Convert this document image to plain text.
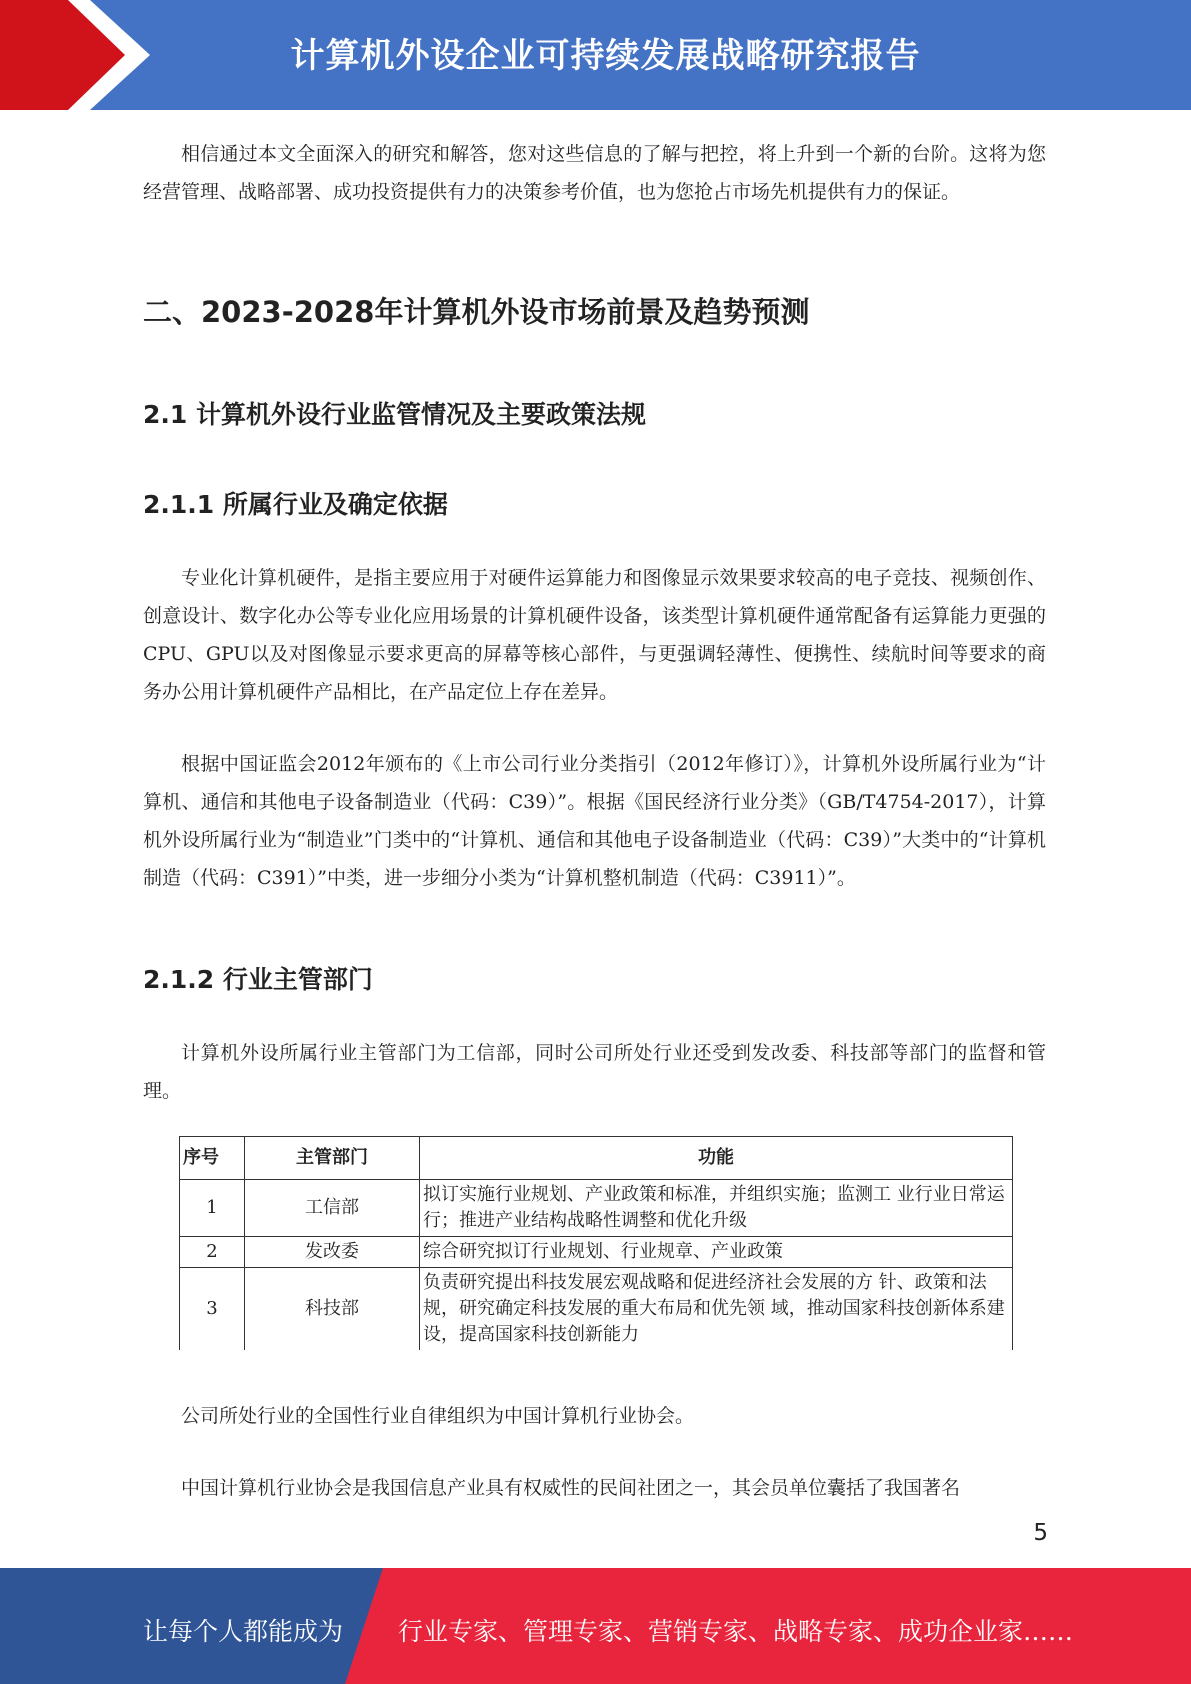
计算机外设企业可持续发展战略研究报告

相信通过本文全面深入的研究和解答，您对这些信息的了解与把控，将上升到一个新的台阶。这将为您经营管理、战略部署、成功投资提供有力的决策参考价值，也为您抢占市场先机提供有力的保证。

二、2023-2028年计算机外设市场前景及趋势预测
2.1 计算机外设行业监管情况及主要政策法规
2.1.1 所属行业及确定依据

专业化计算机硬件，是指主要应用于对硬件运算能力和图像显示效果要求较高的电子竞技、视频创作、创意设计、数字化办公等专业化应用场景的计算机硬件设备，该类型计算机硬件通常配备有运算能力更强的CPU、GPU以及对图像显示要求更高的屏幕等核心部件，与更强调轻薄性、便携性、续航时间等要求的商务办公用计算机硬件产品相比，在产品定位上存在差异。

根据中国证监会2012年颁布的《上市公司行业分类指引（2012年修订）》，计算机外设所属行业为“计算机、通信和其他电子设备制造业（代码：C39）”。根据《国民经济行业分类》（GB/T4754-2017），计算机外设所属行业为“制造业”门类中的“计算机、通信和其他电子设备制造业（代码：C39）”大类中的“计算机制造（代码：C391）”中类，进一步细分小类为“计算机整机制造（代码：C3911）”。

2.1.2 行业主管部门

计算机外设所属行业主管部门为工信部，同时公司所处行业还受到发改委、科技部等部门的监督和管理。

序号	主管部门	功能
1	工信部	拟订实施行业规划、产业政策和标准，并组织实施；监测工 业行业日常运行；推进产业结构战略性调整和优化升级
2	发改委	综合研究拟订行业规划、行业规章、产业政策
3	科技部	负责研究提出科技发展宏观战略和促进经济社会发展的方 针、政策和法规，研究确定科技发展的重大布局和优先领 域，推动国家科技创新体系建设，提高国家科技创新能力

公司所处行业的全国性行业自律组织为中国计算机行业协会。

中国计算机行业协会是我国信息产业具有权威性的民间社团之一，其会员单位囊括了我国著名

5
让每个人都能成为 行业专家、管理专家、营销专家、战略专家、成功企业家……
